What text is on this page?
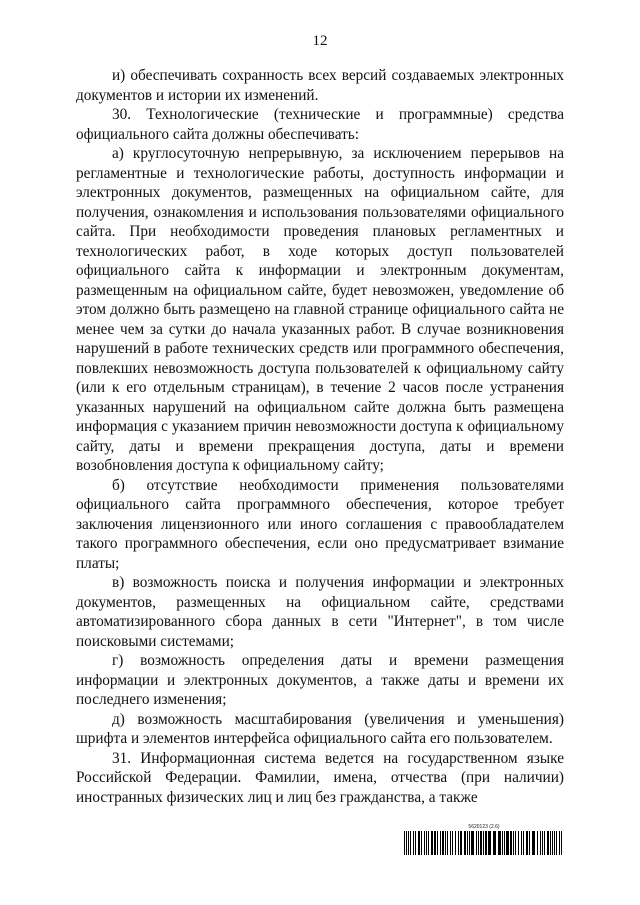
12

и) обеспечивать сохранность всех версий создаваемых электронных документов и истории их изменений.

30. Технологические (технические и программные) средства официального сайта должны обеспечивать:

а) круглосуточную непрерывную, за исключением перерывов на регламентные и технологические работы, доступность информации и электронных документов, размещенных на официальном сайте, для получения, ознакомления и использования пользователями официального сайта. При необходимости проведения плановых регламентных и технологических работ, в ходе которых доступ пользователей официального сайта к информации и электронным документам, размещенным на официальном сайте, будет невозможен, уведомление об этом должно быть размещено на главной странице официального сайта не менее чем за сутки до начала указанных работ. В случае возникновения нарушений в работе технических средств или программного обеспечения, повлекших невозможность доступа пользователей к официальному сайту (или к его отдельным страницам), в течение 2 часов после устранения указанных нарушений на официальном сайте должна быть размещена информация с указанием причин невозможности доступа к официальному сайту, даты и времени прекращения доступа, даты и времени возобновления доступа к официальному сайту;

б) отсутствие необходимости применения пользователями официального сайта программного обеспечения, которое требует заключения лицензионного или иного соглашения с правообладателем такого программного обеспечения, если оно предусматривает взимание платы;

в) возможность поиска и получения информации и электронных документов, размещенных на официальном сайте, средствами автоматизированного сбора данных в сети "Интернет", в том числе поисковыми системами;

г) возможность определения даты и времени размещения информации и электронных документов, а также даты и времени их последнего изменения;

д) возможность масштабирования (увеличения и уменьшения) шрифта и элементов интерфейса официального сайта его пользователем.

31. Информационная система ведется на государственном языке Российской Федерации. Фамилии, имена, отчества (при наличии) иностранных физических лиц и лиц без гражданства, а также

5620123 (2.6)
